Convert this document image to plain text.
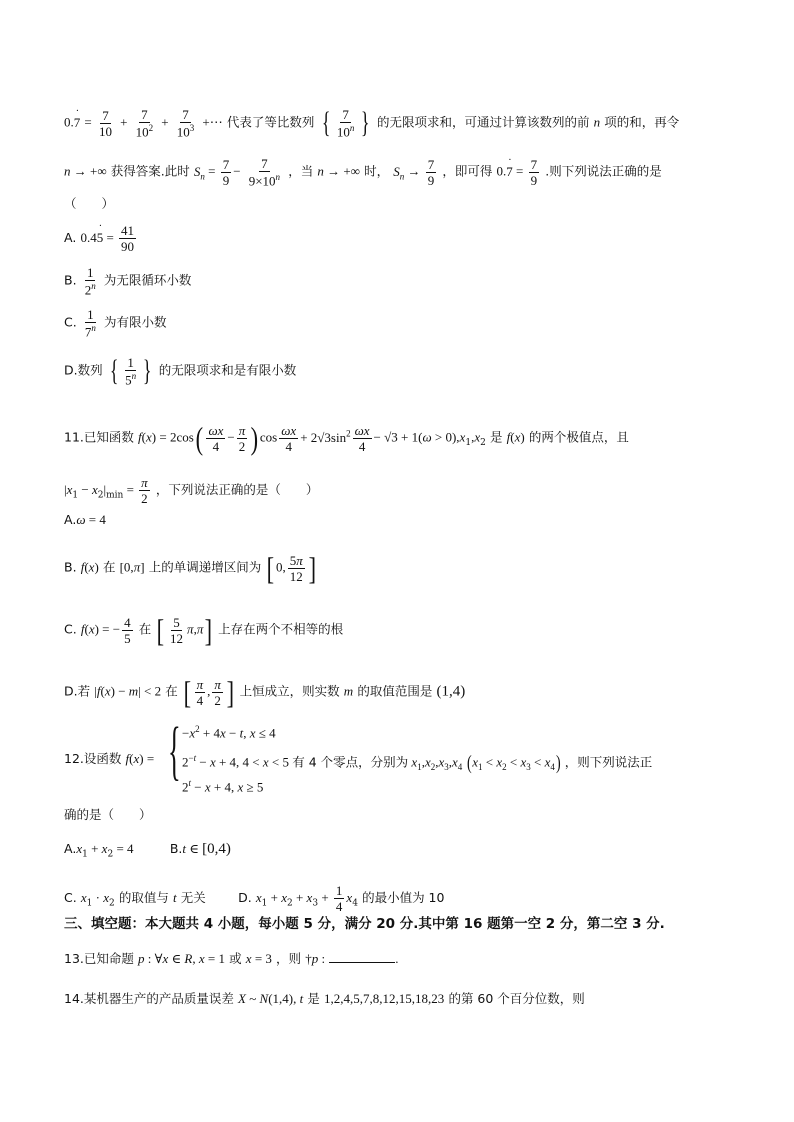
0.7
·
= $\frac{7}{10} + \frac{7}{10^2} + \frac{7}{10^3}$ +⋯ 代表了等比数列 { $\frac{7}{10^n}$ } 的无限项求和，可通过计算该数列的前 n 项的和，再令
n → +∞ 获得答案.此时 $S_n = \frac{7}{9} - \frac{7}{9\times 10^n}$ ，当 n → +∞ 时， $S_n \to \frac{7}{9}$ ，即可得 0.7
·
= $\frac{7}{9}$ .则下列说法正确的是
（　　）
A. 0.45
·
= $\frac{41}{90}$
B. $\frac{1}{2^n}$ 为无限循环小数
C. $\frac{1}{7^n}$ 为有限小数
D.数列 { $\frac{1}{5^n}$ } 的无限项求和是有限小数
11.已知函数 $f(x) = 2\cos( \frac{\omega x}{4} - \frac{\pi}{2}$ ) $\cos \frac{\omega x}{4} + 2√3\sin^2 \frac{\omega x}{4} - √3 + 1(\omega > 0),x_1,x_2$ 是 f(x) 的两个极值点，且
$|x_1 - x_2|_{min} = \frac{\pi}{2}$ ，下列说法正确的是（　　）
A.ω = 4
B. f(x) 在 [0,π] 上的单调递增区间为 [ 0, $\frac{5\pi}{12}$ ]
C. f(x) = − $\frac{4}{5}$ 在 [ $\frac{5}{12} \pi,\pi$] 上存在两个不相等的根
D.若 |f(x) − m| < 2 在 [ $\frac{\pi}{4}$ , $\frac{\pi}{2}$ ] 上恒成立，则实数 m 的取值范围是 (1,4)
12.设函数 f(x) = { $-x^2 + 4x - t$, x ≤ 4
$2^{-t} - x + 4$, 4 < x < 5 有 4 个零点，分别为 $x_1,x_2,x_3,x_4$ $(x_1 < x_2 < x_3 < x_4)$ ，则下列说法正
$2^t - x + 4$, x ≥ 5
确的是（　　）
$A.x_1 + x_2 = 4$	B.t ∈ [0,4)
C. $x_1 \cdot x_2$ 的取值与 t 无关	D. $x_1 + x_2 + x_3 + \frac{1}{4} x_4$ 的最小值为 10
三、填空题：本大题共 4 小题，每小题 5 分，满分 20 分.其中第 16 题第一空 2 分，第二空 3 分.
13.已知命题 p : ∀x ∈ R, x = 1 或 x = 3 ，则 †p :	.
14.某机器生产的产品质量误差 X ~ N(1,4), t 是 1,2,4,5,7,8,12,15,18,23 的第 60 个百分位数，则
